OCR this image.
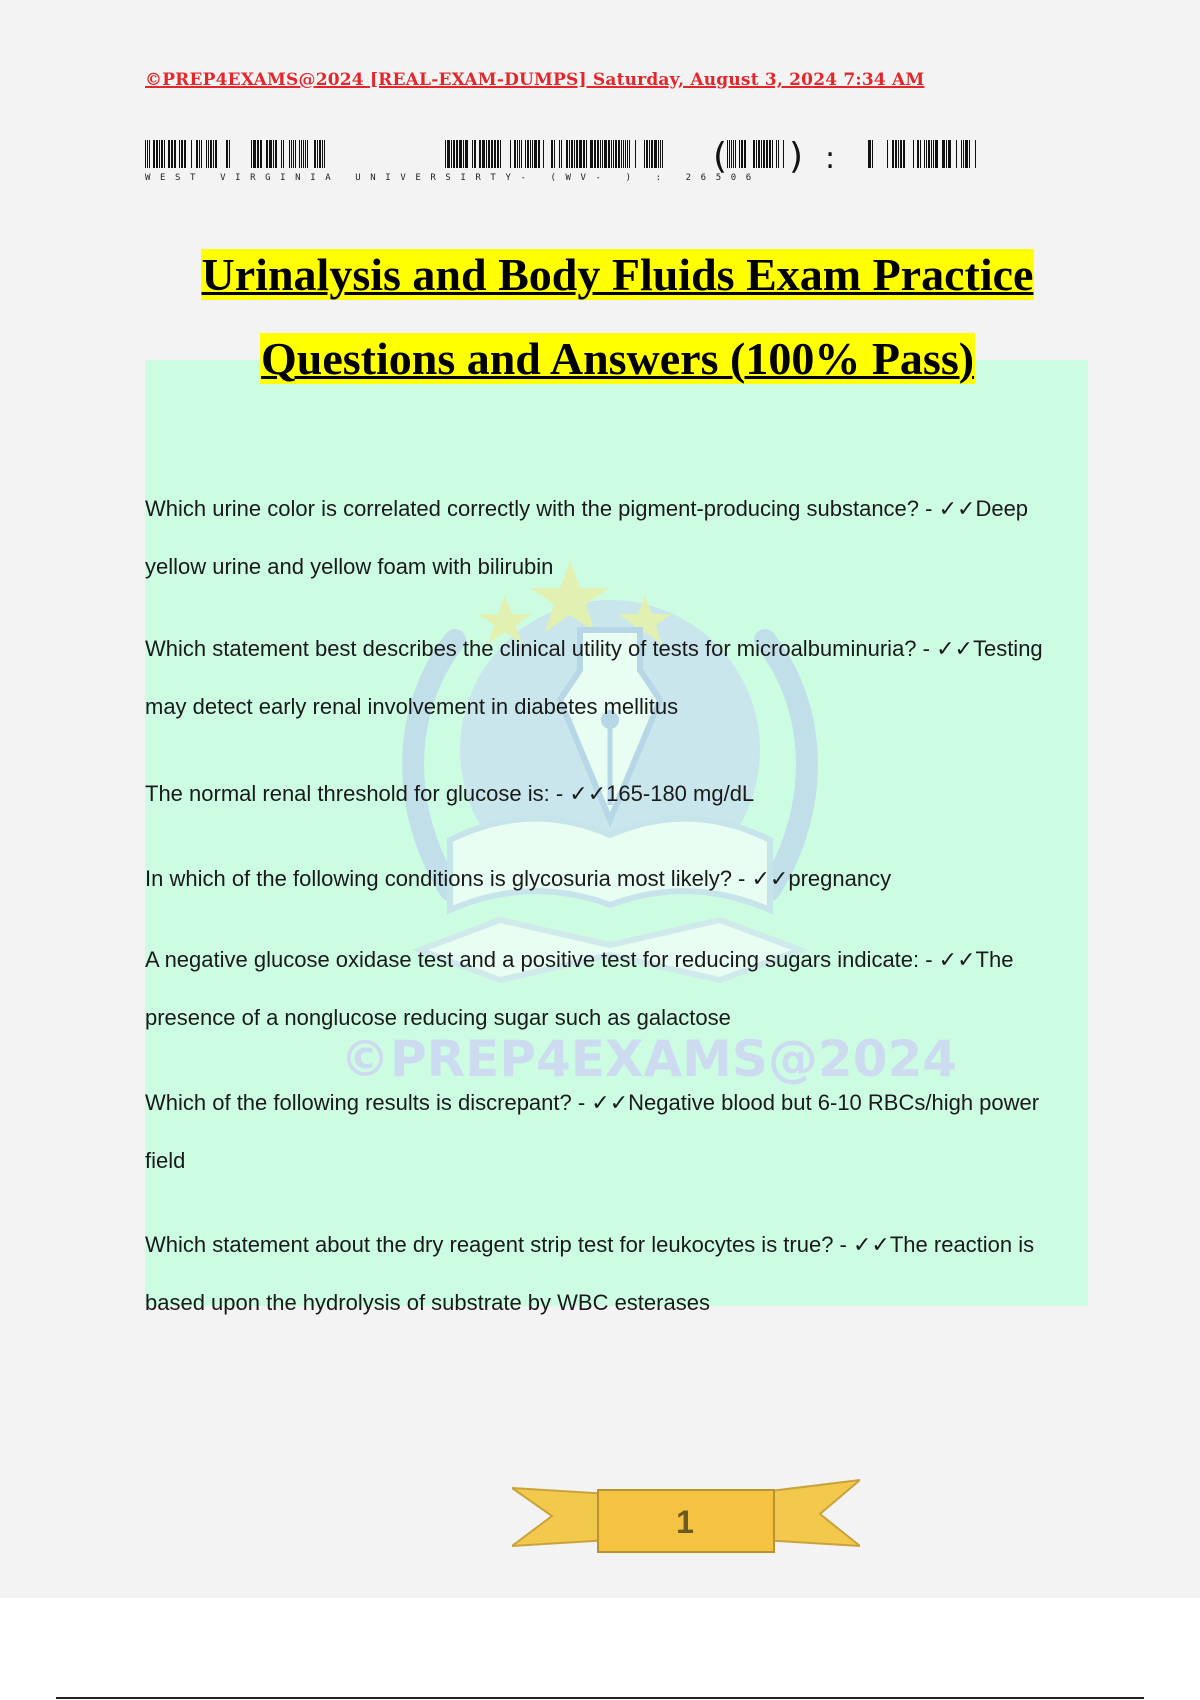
©PREP4EXAMS@2024 [REAL-EXAM-DUMPS] Saturday, August 3, 2024 7:34 AM
( ) :
WEST VIRGINIA UNIVERSIRTY- (WV- ) : 26506
©PREP4EXAMS@2024
Urinalysis and Body Fluids Exam Practice
Questions and Answers (100% Pass)

Which urine color is correlated correctly with the pigment-producing substance? - ✓✓Deep yellow urine and yellow foam with bilirubin

Which statement best describes the clinical utility of tests for microalbuminuria? - ✓✓Testing may detect early renal involvement in diabetes mellitus

The normal renal threshold for glucose is: - ✓✓165-180 mg/dL

In which of the following conditions is glycosuria most likely? - ✓✓pregnancy

A negative glucose oxidase test and a positive test for reducing sugars indicate: - ✓✓The presence of a nonglucose reducing sugar such as galactose

Which of the following results is discrepant? - ✓✓Negative blood but 6-10 RBCs/high power field

Which statement about the dry reagent strip test for leukocytes is true? - ✓✓The reaction is based upon the hydrolysis of substrate by WBC esterases

1
